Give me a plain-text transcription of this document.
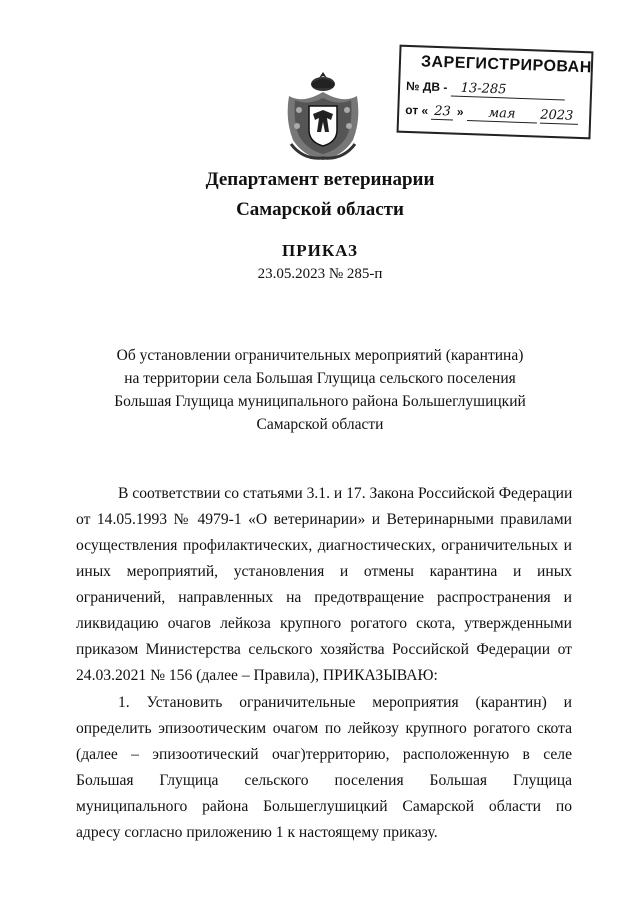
ЗАРЕГИСТРИРОВАН
№ ДВ - 13-285
от « 23 » мая 2023
Департамент ветеринарии
Самарской области
ПРИКАЗ
23.05.2023 № 285-п
Об установлении ограничительных мероприятий (карантина)
на территории села Большая Глущица сельского поселения
Большая Глущица муниципального района Большеглушицкий
Самарской области
В соответствии со статьями 3.1. и 17. Закона Российской Федерации
от 14.05.1993 № 4979-1 «О ветеринарии» и Ветеринарными правилами
осуществления профилактических, диагностических, ограничительных и
иных мероприятий, установления и отмены карантина и иных
ограничений, направленных на предотвращение распространения и
ликвидацию очагов лейкоза крупного рогатого скота, утвержденными
приказом Министерства сельского хозяйства Российской Федерации от
24.03.2021 № 156 (далее – Правила), ПРИКАЗЫВАЮ:
1. Установить ограничительные мероприятия (карантин) и
определить эпизоотическим очагом по лейкозу крупного рогатого скота
(далее – эпизоотический очаг)территорию, расположенную в селе
Большая Глущица сельского поселения Большая Глущица
муниципального района Большеглушицкий Самарской области по
адресу согласно приложению 1 к настоящему приказу.
